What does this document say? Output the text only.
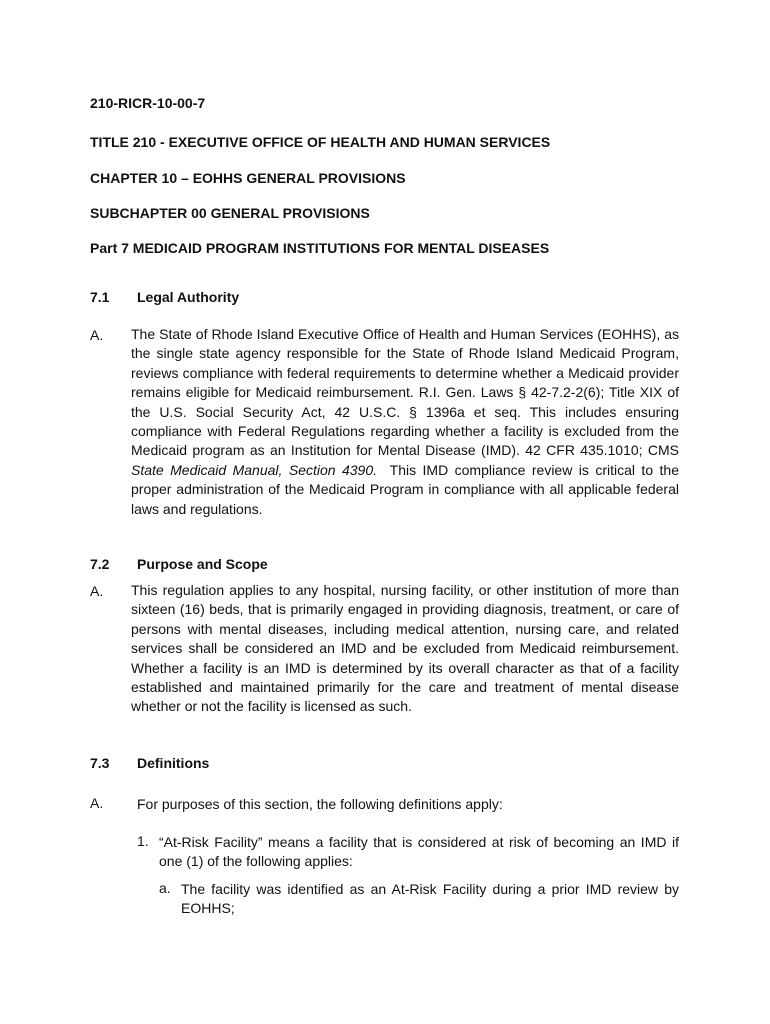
210-RICR-10-00-7
TITLE 210 - EXECUTIVE OFFICE OF HEALTH AND HUMAN SERVICES
CHAPTER 10 – EOHHS GENERAL PROVISIONS
SUBCHAPTER 00 GENERAL PROVISIONS
Part 7 MEDICAID PROGRAM INSTITUTIONS FOR MENTAL DISEASES
7.1 Legal Authority
A. The State of Rhode Island Executive Office of Health and Human Services (EOHHS), as the single state agency responsible for the State of Rhode Island Medicaid Program, reviews compliance with federal requirements to determine whether a Medicaid provider remains eligible for Medicaid reimbursement. R.I. Gen. Laws § 42-7.2-2(6); Title XIX of the U.S. Social Security Act, 42 U.S.C. § 1396a et seq. This includes ensuring compliance with Federal Regulations regarding whether a facility is excluded from the Medicaid program as an Institution for Mental Disease (IMD). 42 CFR 435.1010; CMS State Medicaid Manual, Section 4390. This IMD compliance review is critical to the proper administration of the Medicaid Program in compliance with all applicable federal laws and regulations.

7.2 Purpose and Scope
A. This regulation applies to any hospital, nursing facility, or other institution of more than sixteen (16) beds, that is primarily engaged in providing diagnosis, treatment, or care of persons with mental diseases, including medical attention, nursing care, and related services shall be considered an IMD and be excluded from Medicaid reimbursement. Whether a facility is an IMD is determined by its overall character as that of a facility established and maintained primarily for the care and treatment of mental disease whether or not the facility is licensed as such.

7.3 Definitions
A. For purposes of this section, the following definitions apply:
1. “At-Risk Facility” means a facility that is considered at risk of becoming an IMD if one (1) of the following applies:

a. The facility was identified as an At-Risk Facility during a prior IMD review by EOHHS;
